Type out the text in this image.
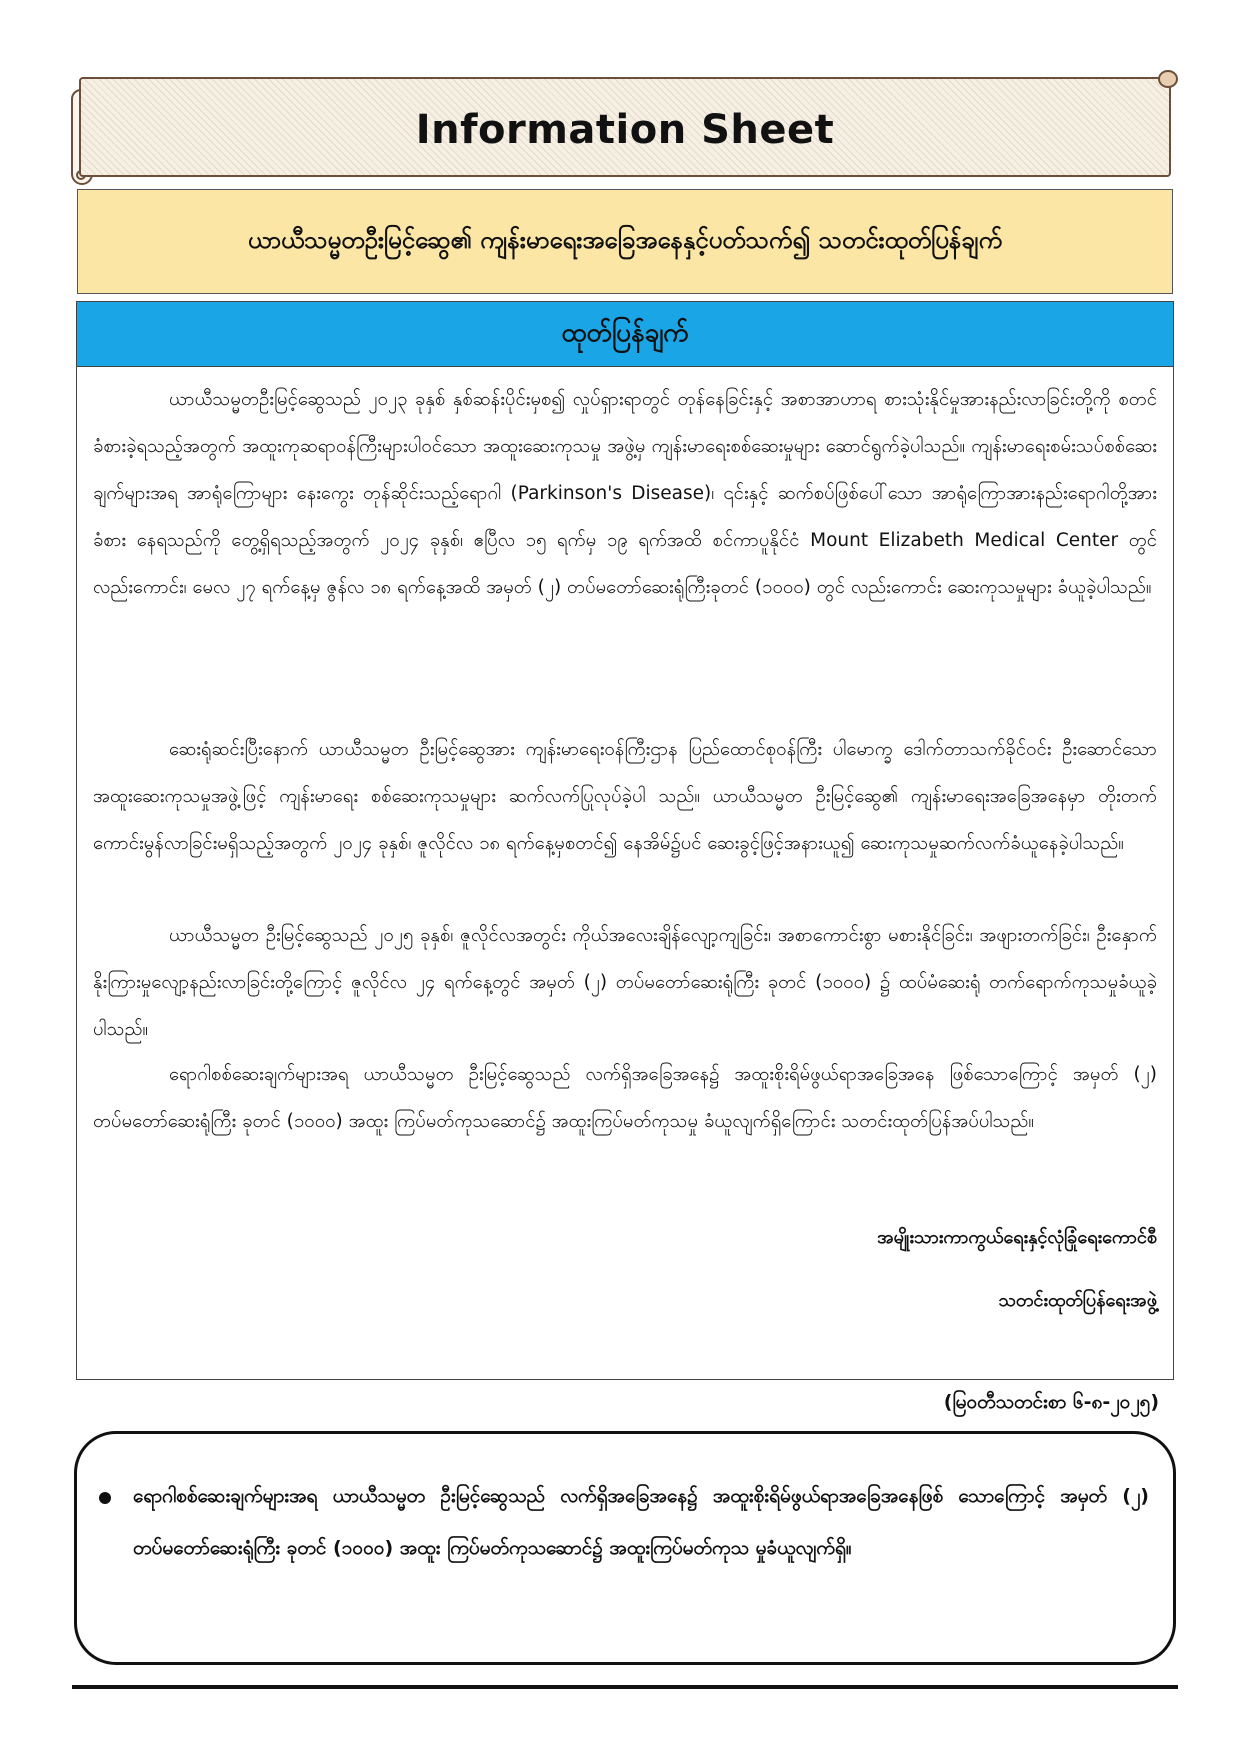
Information Sheet
ယာယီသမ္မတဦးမြင့်ဆွေ၏ ကျန်းမာရေးအခြေအနေနှင့်ပတ်သက်၍ သတင်းထုတ်ပြန်ချက်
ထုတ်ပြန်ချက်

ယာယီသမ္မတဦးမြင့်ဆွေသည် ၂၀၂၃ ခုနှစ် နှစ်ဆန်းပိုင်းမှစ၍ လှုပ်ရှားရာတွင် တုန်နေခြင်းနှင့် အစာအာဟာရ စားသုံးနိုင်မှုအားနည်းလာခြင်းတို့ကို စတင်ခံစားခဲ့ရသည့်အတွက် အထူးကုဆရာဝန်ကြီးများပါဝင်သော အထူးဆေးကုသမှု အဖွဲ့မှ ကျန်းမာရေးစစ်ဆေးမှုများ ဆောင်ရွက်ခဲ့ပါသည်။ ကျန်းမာရေးစမ်းသပ်စစ်ဆေးချက်များအရ အာရုံကြောများ နေးကွေး တုန်ဆိုင်းသည့်ရောဂါ (Parkinson's Disease)၊ ၎င်းနှင့် ဆက်စပ်ဖြစ်ပေါ်သော အာရုံကြောအားနည်းရောဂါတို့အား ခံစား နေရသည်ကို တွေ့ရှိရသည့်အတွက် ၂၀၂၄ ခုနှစ်၊ ဧပြီလ ၁၅ ရက်မှ ၁၉ ရက်အထိ စင်ကာပူနိုင်ငံ Mount Elizabeth Medical Center တွင်လည်းကောင်း၊ မေလ ၂၇ ရက်နေ့မှ ဇွန်လ ၁၈ ရက်နေ့အထိ အမှတ် (၂) တပ်မတော်ဆေးရုံကြီးခုတင် (၁၀၀၀) တွင် လည်းကောင်း ဆေးကုသမှုများ ခံယူခဲ့ပါသည်။

ဆေးရုံဆင်းပြီးနောက် ယာယီသမ္မတ ဦးမြင့်ဆွေအား ကျန်းမာရေးဝန်ကြီးဌာန ပြည်ထောင်စုဝန်ကြီး ပါမောက္ခ ဒေါက်တာသက်ခိုင်ဝင်း ဦးဆောင်သော အထူးဆေးကုသမှုအဖွဲ့ဖြင့် ကျန်းမာရေး စစ်ဆေးကုသမှုများ ဆက်လက်ပြုလုပ်ခဲ့ပါ သည်။ ယာယီသမ္မတ ဦးမြင့်ဆွေ၏ ကျန်းမာရေးအခြေအနေမှာ တိုးတက်ကောင်းမွန်လာခြင်းမရှိသည့်အတွက် ၂၀၂၄ ခုနှစ်၊ ဇူလိုင်လ ၁၈ ရက်နေ့မှစတင်၍ နေအိမ်၌ပင် ဆေးခွင့်ဖြင့်အနားယူ၍ ဆေးကုသမှုဆက်လက်ခံယူနေခဲ့ပါသည်။

ယာယီသမ္မတ ဦးမြင့်ဆွေသည် ၂၀၂၅ ခုနှစ်၊ ဇူလိုင်လအတွင်း ကိုယ်အလေးချိန်လျော့ကျခြင်း၊ အစာကောင်းစွာ မစားနိုင်ခြင်း၊ အဖျားတက်ခြင်း၊ ဦးနှောက်နိုးကြားမှုလျော့နည်းလာခြင်းတို့ကြောင့် ဇူလိုင်လ ၂၄ ရက်နေ့တွင် အမှတ် (၂) တပ်မတော်ဆေးရုံကြီး ခုတင် (၁၀၀၀) ၌ ထပ်မံဆေးရုံ တက်ရောက်ကုသမှုခံယူခဲ့ပါသည်။

ရောဂါစစ်ဆေးချက်များအရ ယာယီသမ္မတ ဦးမြင့်ဆွေသည် လက်ရှိအခြေအနေ၌ အထူးစိုးရိမ်ဖွယ်ရာအခြေအနေ ဖြစ်သောကြောင့် အမှတ် (၂) တပ်မတော်ဆေးရုံကြီး ခုတင် (၁၀၀၀) အထူး ကြပ်မတ်ကုသဆောင်၌ အထူးကြပ်မတ်ကုသမှု ခံယူလျက်ရှိကြောင်း သတင်းထုတ်ပြန်အပ်ပါသည်။

အမျိုးသားကာကွယ်ရေးနှင့်လုံခြုံရေးကောင်စီ
သတင်းထုတ်ပြန်ရေးအဖွဲ့
(မြဝတီသတင်းစာ ၆-၈-၂၀၂၅)

ရောဂါစစ်ဆေးချက်များအရ ယာယီသမ္မတ ဦးမြင့်ဆွေသည် လက်ရှိအခြေအနေ၌ အထူးစိုးရိမ်ဖွယ်ရာအခြေအနေဖြစ် သောကြောင့် အမှတ် (၂) တပ်မတော်ဆေးရုံကြီး ခုတင် (၁၀၀၀) အထူး ကြပ်မတ်ကုသဆောင်၌ အထူးကြပ်မတ်ကုသ မှုခံယူလျက်ရှိ။
